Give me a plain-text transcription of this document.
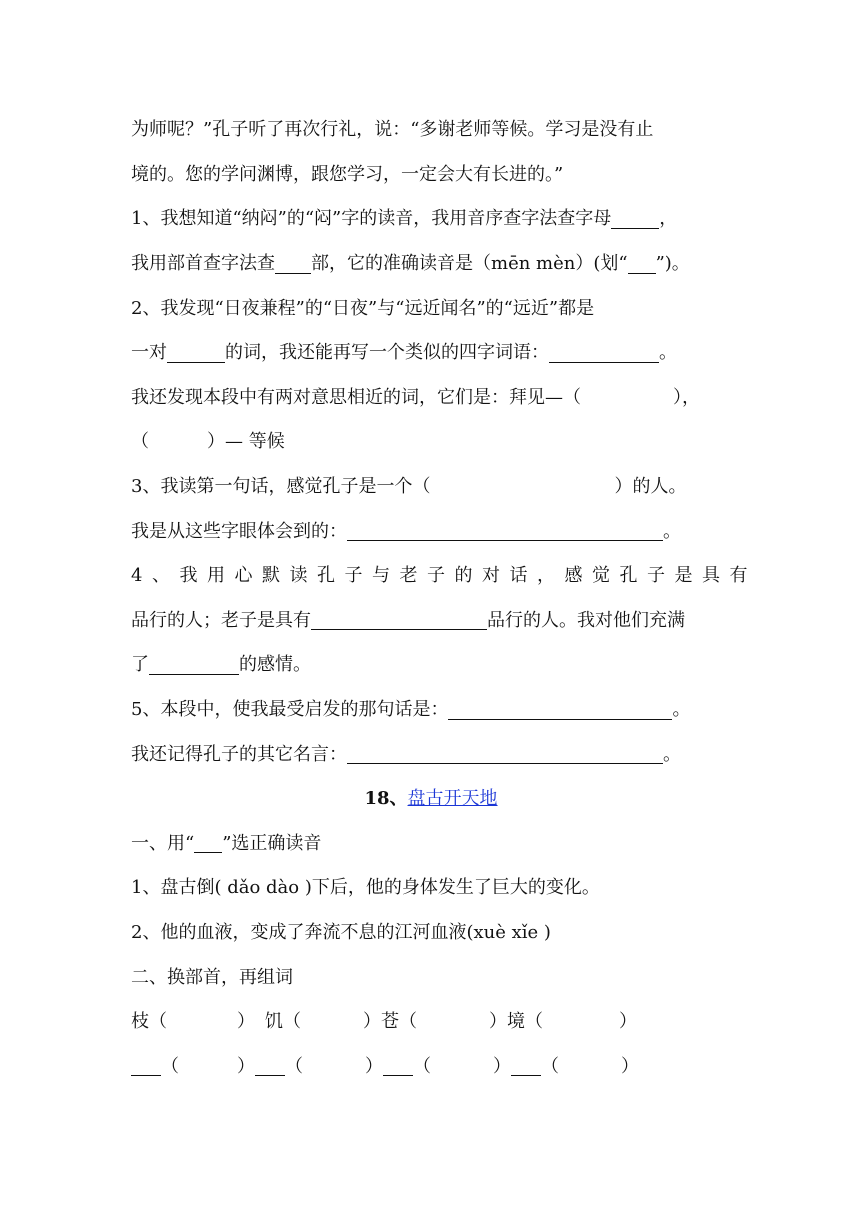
为师呢？”孔子听了再次行礼，说：“多谢老师等候。学习是没有止
境的。您的学问渊博，跟您学习，一定会大有长进的。”
1、我想知道“纳闷”的“闷”字的读音，我用音序查字法查字母	，
我用部首查字法查 部，它的准确读音是（mēn mèn）(划“ ”)。
2、我发现“日夜兼程”的“日夜”与“远近闻名”的“远近”都是
一对	的词，我还能再写一个类似的四字词语：	。
我还发现本段中有两对意思相近的词，它们是：拜见—（	），
（	）— 等候
3、我读第一句话，感觉孔子是一个（	）的人。
我是从这些字眼体会到的：	。
4、我用心默读孔子与老子的对话，感觉孔子是具有
品行的人；老子是具有	品行的人。我对他们充满
了	的感情。
5、本段中，使我最受启发的那句话是：	。
我还记得孔子的其它名言：	。
18、 盘古开天地
一、用“ ”选正确读音
1、盘古倒( dǎo dào )下后，他的身体发生了巨大的变化。
2、他的血液，变成了奔流不息的江河血液(xuè xǐe )
二、换部首，再组词
枝 （	） 饥 （	） 苍 （	） 境 （	）
（	） （	） （	） （	）
